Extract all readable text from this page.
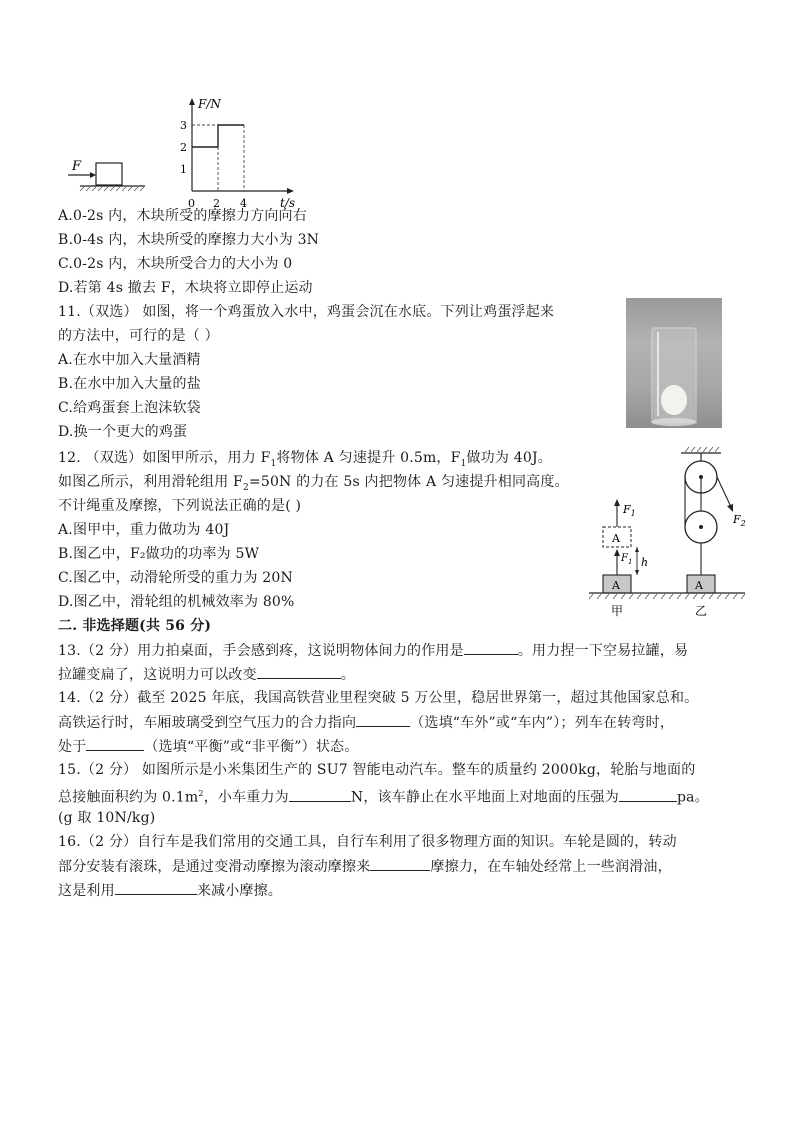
F
F/N
t/s
1
2
3
0 2 4
A.0-2s 内，木块所受的摩擦力方向向右
B.0-4s 内，木块所受的摩擦力大小为 3N
C.0-2s 内，木块所受合力的大小为 0
D.若第 4s 撤去 F，木块将立即停止运动
11.（双选） 如图，将一个鸡蛋放入水中，鸡蛋会沉在水底。下列让鸡蛋浮起来
的方法中，可行的是（ ）
A.在水中加入大量酒精
B.在水中加入大量的盐
C.给鸡蛋套上泡沫软袋
D.换一个更大的鸡蛋
12. （双选）如图甲所示，用力 $F_1$将物体 A 匀速提升 0.5m，$F_1$做功为 40J。
如图乙所示，利用滑轮组用 $F_2=50N$ 的力在 5s 内把物体 A 匀速提升相同高度。
不计绳重及摩擦，下列说法正确的是( )
A.图甲中，重力做功为 40J
B.图乙中，F₂做功的功率为 5W
C.图乙中，动滑轮所受的重力为 20N
D.图乙中，滑轮组的机械效率为 80%
$F_2$
A
A
$F_1$
$F_1$ h
A
甲	乙
二. 非选择题(共 56 分)
13.（2 分）用力拍桌面，手会感到疼，这说明物体间力的作用是	。用力捏一下空易拉罐，易
拉罐变扁了，这说明力可以改变	。
14.（2 分）截至 2025 年底，我国高铁营业里程突破 5 万公里，稳居世界第一，超过其他国家总和。
高铁运行时，车厢玻璃受到空气压力的合力指向	（选填“车外”或“车内”）；列车在转弯时，
处于	（选填“平衡”或“非平衡”）状态。
15.（2 分） 如图所示是小米集团生产的 SU7 智能电动汽车。整车的质量约 2000kg，轮胎与地面的
总接触面积约为 $0.1m^2$，小车重力为	N，该车静止在水平地面上对地面的压强为	pa。
(g 取 10N/kg)
16.（2 分）自行车是我们常用的交通工具，自行车利用了很多物理方面的知识。车轮是圆的，转动
部分安装有滚珠，是通过变滑动摩擦为滚动摩擦来	摩擦力，在车轴处经常上一些润滑油，
这是利用	来减小摩擦。
